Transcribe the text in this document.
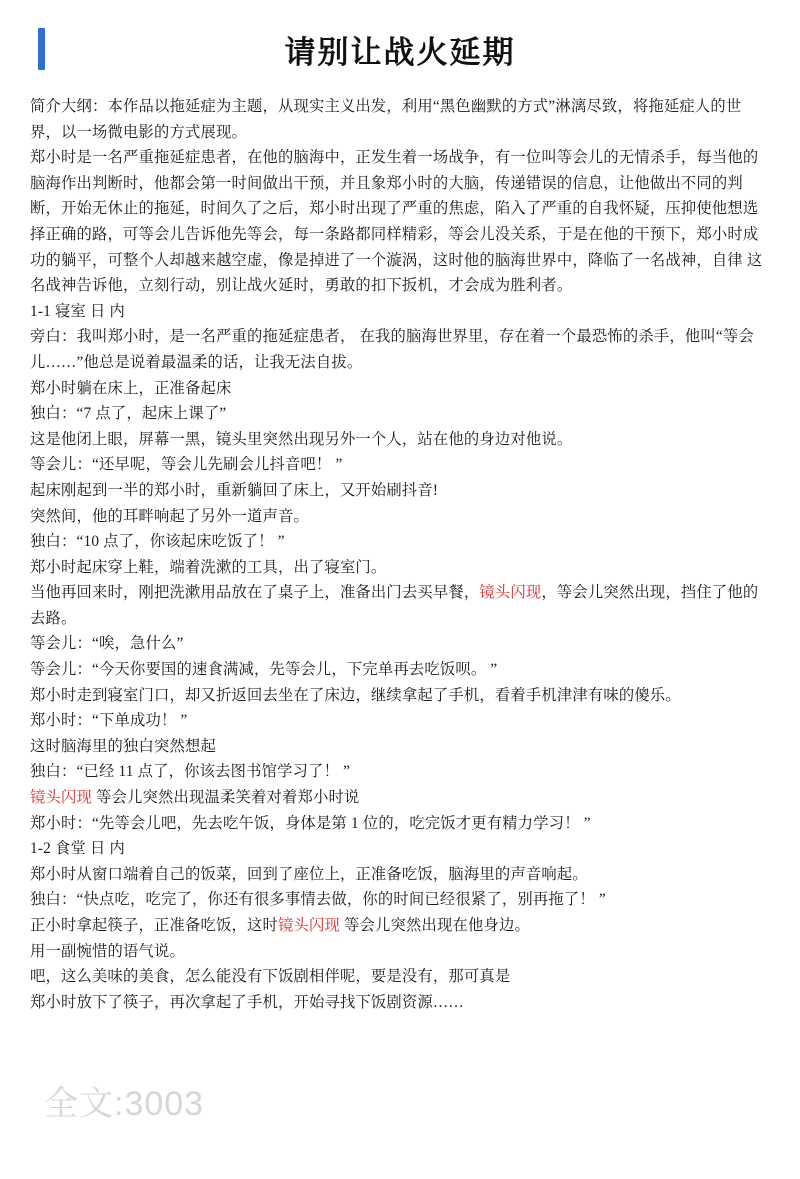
请别让战火延期
简介大纲：本作品以拖延症为主题，从现实主义出发，利用“黑色幽默的方式”淋漓尽致，将拖延症人的世界，以一场微电影的方式展现。
郑小时是一名严重拖延症患者，在他的脑海中，正发生着一场战争，有一位叫等会儿的无情杀手，每当他的脑海作出判断时，他都会第一时间做出干预，并且象郑小时的大脑，传递错误的信息，让他做出不同的判断，开始无休止的拖延，时间久了之后，郑小时出现了严重的焦虑，陷入了严重的自我怀疑，压抑使他想选择正确的路，可等会儿告诉他先等会，每一条路都同样精彩，等会儿没关系，于是在他的干预下，郑小时成功的躺平，可整个人却越来越空虚，像是掉进了一个漩涡，这时他的脑海世界中，降临了一名战神，自律 这名战神告诉他，立刻行动，别让战火延时，勇敢的扣下扳机，才会成为胜利者。
1-1 寝室 日 内
旁白：我叫郑小时，是一名严重的拖延症患者， 在我的脑海世界里，存在着一个最恐怖的杀手，他叫“等会儿……”他总是说着最温柔的话，让我无法自拔。
郑小时躺在床上，正准备起床
独白：“7 点了，起床上课了”
这是他闭上眼，屏幕一黑，镜头里突然出现另外一个人，站在他的身边对他说。
等会儿：“还早呢，等会儿先刷会儿抖音吧！ ”
起床刚起到一半的郑小时，重新躺回了床上，又开始刷抖音!
突然间，他的耳畔响起了另外一道声音。
独白：“10 点了，你该起床吃饭了！ ”
郑小时起床穿上鞋，端着洗漱的工具，出了寝室门。
当他再回来时，刚把洗漱用品放在了桌子上，准备出门去买早餐，镜头闪现，等会儿突然出现，挡住了他的去路。
等会儿：“唉，急什么”
等会儿：“今天你要国的速食满减，先等会儿，下完单再去吃饭呗。 ”
郑小时走到寝室门口，却又折返回去坐在了床边，继续拿起了手机，看着手机津津有味的傻乐。
郑小时：“下单成功！ ”
这时脑海里的独白突然想起
独白：“已经 11 点了，你该去图书馆学习了！ ”
镜头闪现 等会儿突然出现温柔笑着对着郑小时说
郑小时：“先等会儿吧，先去吃午饭，身体是第 1 位的，吃完饭才更有精力学习！ ”
1-2 食堂 日 内
郑小时从窗口端着自己的饭菜，回到了座位上，正准备吃饭，脑海里的声音响起。
独白：“快点吃，吃完了，你还有很多事情去做，你的时间已经很紧了，别再拖了！ ”
正小时拿起筷子，正准备吃饭，这时镜头闪现 等会儿突然出现在他身边。
用一副惋惜的语气说。
吧，这么美味的美食，怎么能没有下饭剧相伴呢，要是没有，那可真是
郑小时放下了筷子，再次拿起了手机，开始寻找下饭剧资源……
全文:3003
